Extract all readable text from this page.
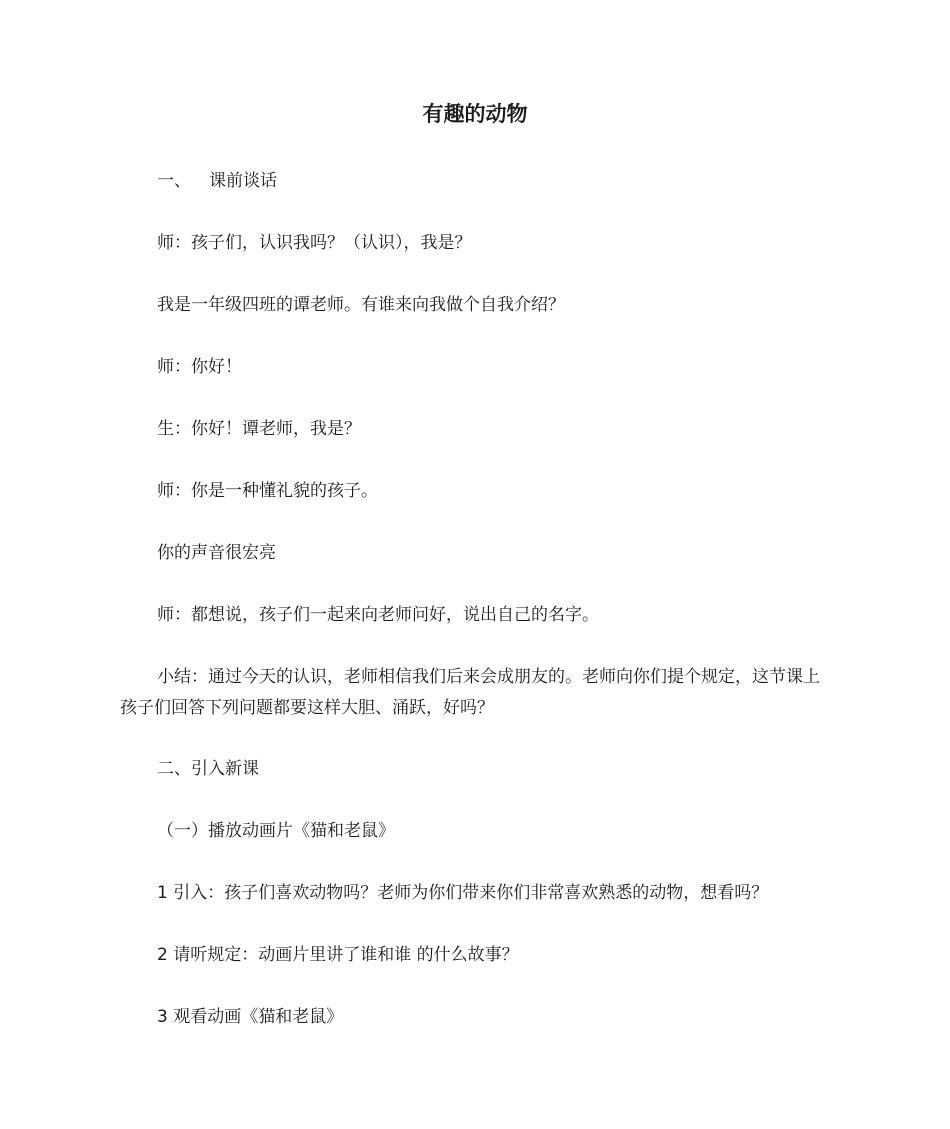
有趣的动物

一、 课前谈话

师：孩子们，认识我吗？（认识），我是？

我是一年级四班的谭老师。有谁来向我做个自我介绍？

师：你好！

生：你好！谭老师，我是？

师：你是一种懂礼貌的孩子。

你的声音很宏亮

师：都想说，孩子们一起来向老师问好，说出自己的名字。

小结：通过今天的认识，老师相信我们后来会成朋友的。老师向你们提个规定，这节课上孩子们回答下列问题都要这样大胆、涌跃，好吗？

二、引入新课

（一）播放动画片《猫和老鼠》

1 引入：孩子们喜欢动物吗？老师为你们带来你们非常喜欢熟悉的动物，想看吗？

2 请听规定：动画片里讲了谁和谁 的什么故事？

3 观看动画《猫和老鼠》
